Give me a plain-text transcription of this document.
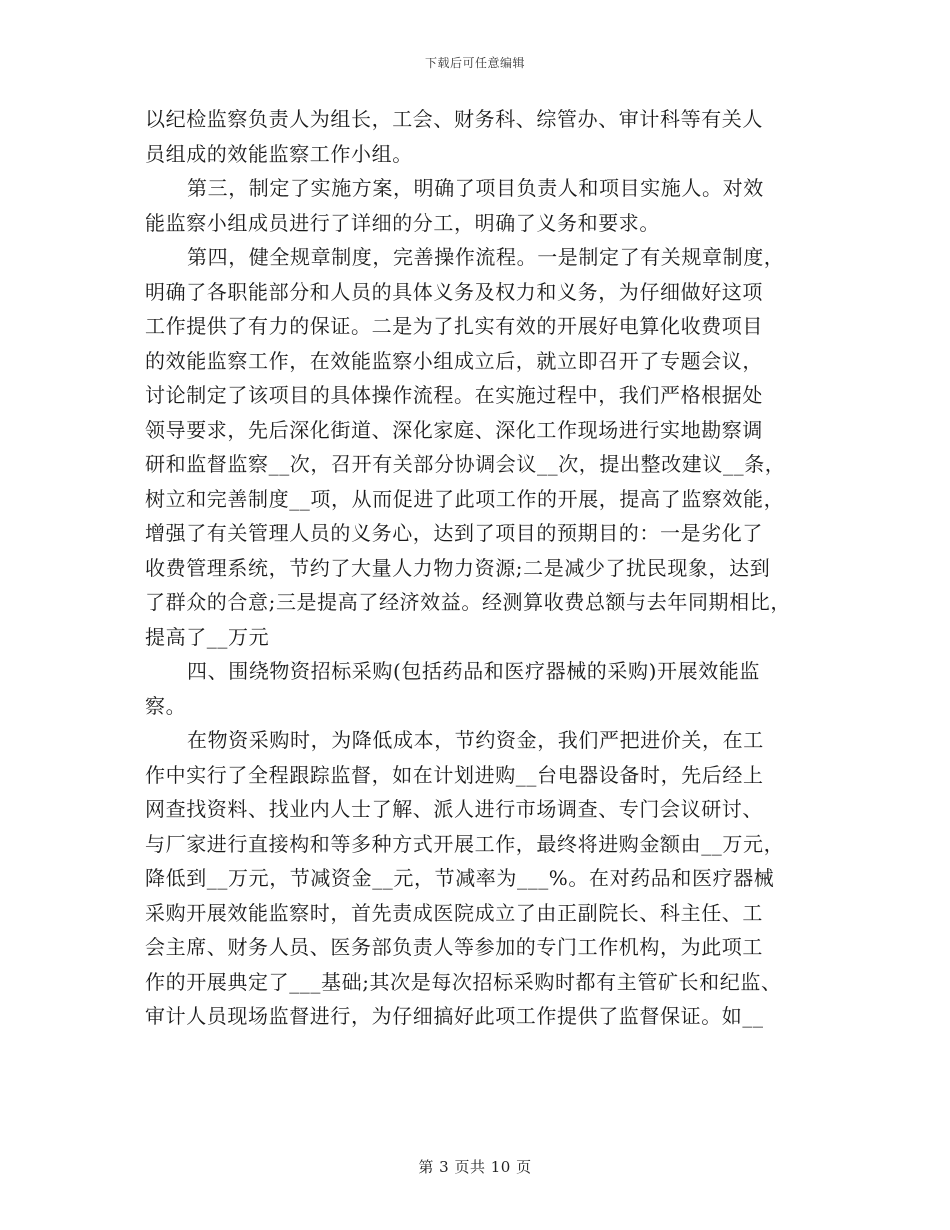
下载后可任意编辑
以纪检监察负责人为组长，工会、财务科、综管办、审计科等有关人
员组成的效能监察工作小组。
第三，制定了实施方案，明确了项目负责人和项目实施人。对效
能监察小组成员进行了详细的分工，明确了义务和要求。
第四，健全规章制度，完善操作流程。一是制定了有关规章制度，
明确了各职能部分和人员的具体义务及权力和义务，为仔细做好这项
工作提供了有力的保证。二是为了扎实有效的开展好电算化收费项目
的效能监察工作，在效能监察小组成立后，就立即召开了专题会议，
讨论制定了该项目的具体操作流程。在实施过程中，我们严格根据处
领导要求，先后深化街道、深化家庭、深化工作现场进行实地勘察调
研和监督监察__次，召开有关部分协调会议__次，提出整改建议__条，
树立和完善制度__项，从而促进了此项工作的开展，提高了监察效能，
增强了有关管理人员的义务心，达到了项目的预期目的：一是劣化了
收费管理系统，节约了大量人力物力资源;二是减少了扰民现象，达到
了群众的合意;三是提高了经济效益。经测算收费总额与去年同期相比，
提高了__万元
四、围绕物资招标采购(包括药品和医疗器械的采购)开展效能监
察。
在物资采购时，为降低成本，节约资金，我们严把进价关，在工
作中实行了全程跟踪监督，如在计划进购__台电器设备时，先后经上
网查找资料、找业内人士了解、派人进行市场调查、专门会议研讨、
与厂家进行直接构和等多种方式开展工作，最终将进购金额由__万元，
降低到__万元，节减资金__元，节减率为___%。在对药品和医疗器械
采购开展效能监察时，首先责成医院成立了由正副院长、科主任、工
会主席、财务人员、医务部负责人等参加的专门工作机构，为此项工
作的开展典定了___基础;其次是每次招标采购时都有主管矿长和纪监、
审计人员现场监督进行，为仔细搞好此项工作提供了监督保证。如__
第 3 页共 10 页
